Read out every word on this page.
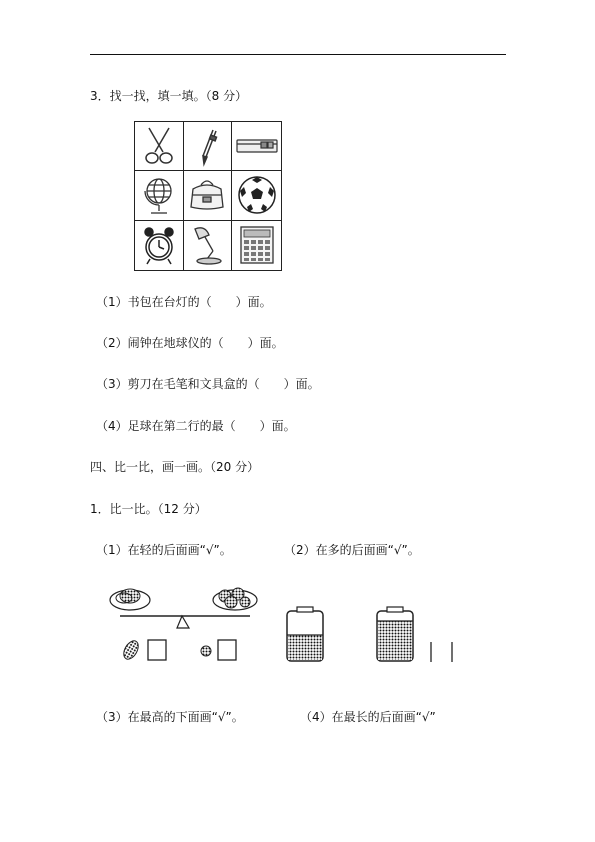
3．找一找，填一填。（8 分）
（1）书包在台灯的（　　）面。
（2）闹钟在地球仪的（　　）面。
（3）剪刀在毛笔和文具盒的（　　）面。
（4）足球在第二行的最（　　）面。
四、比一比，画一画。（20 分）
1．比一比。（12 分）
（1）在轻的后面画“√”。	（2）在多的后面画“√”。
（3）在最高的下面画“√”。	（4）在最长的后面画“√”
